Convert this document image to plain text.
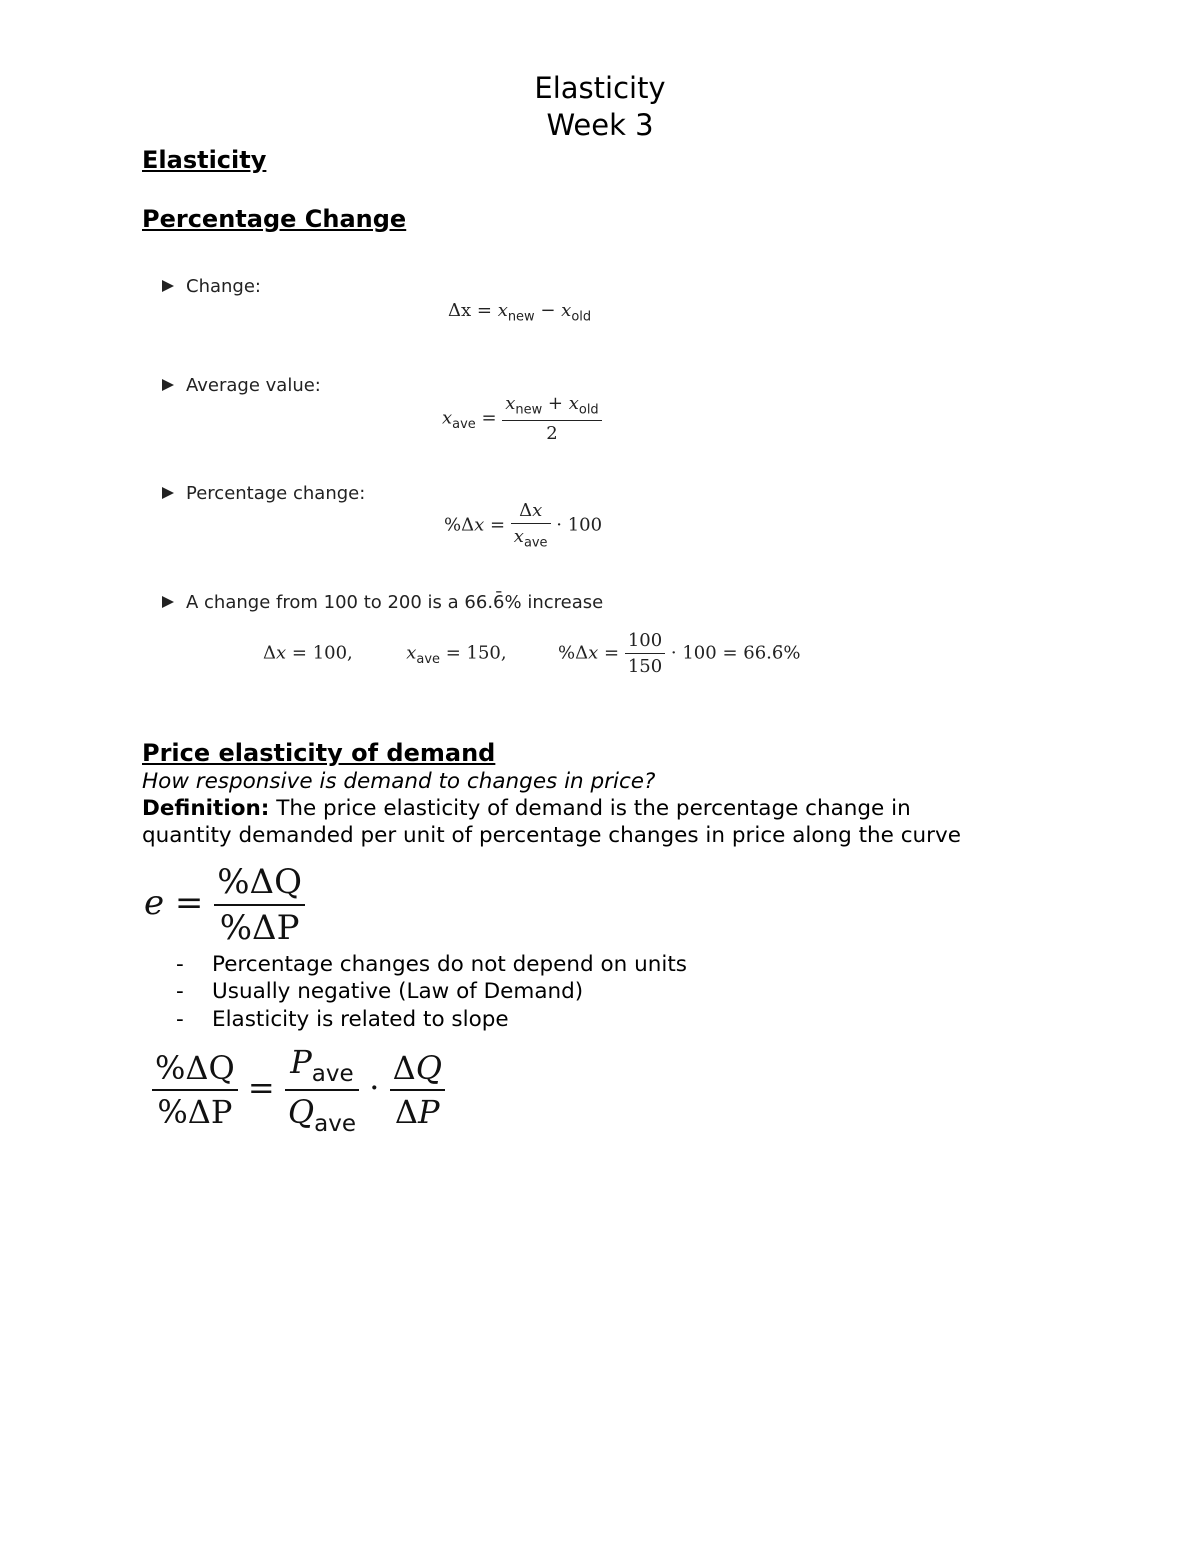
Elasticity
Week 3
Elasticity
Percentage Change
Change:
$\Delta x = x_{new} - x_{old}$
Average value:
$x_{ave} = \frac{x_{new} + x_{old}}{2}$
Percentage change:
$\%\Delta x = \frac{\Delta x}{x_{ave}} \cdot 100$
A change from 100 to 200 is a 66.6̄% increase
Δx = 100,	$x_{ave} = 150$,  $\%\Delta x = \frac{100}{150} \cdot 100$ = 66.6̄%
Price elasticity of demand
How responsive is demand to changes in price?
Definition: The price elasticity of demand is the percentage change in
quantity demanded per unit of percentage changes in price along the curve
$e = \frac{\%\Delta Q}{\%\Delta P}$
- Percentage changes do not depend on units
- Usually negative (Law of Demand)
- Elasticity is related to slope
$\frac{\%\Delta Q}{\%\Delta P} = \frac{P_{ave}}{Q_{ave}} \cdot \frac{\Delta Q}{\Delta P}$
